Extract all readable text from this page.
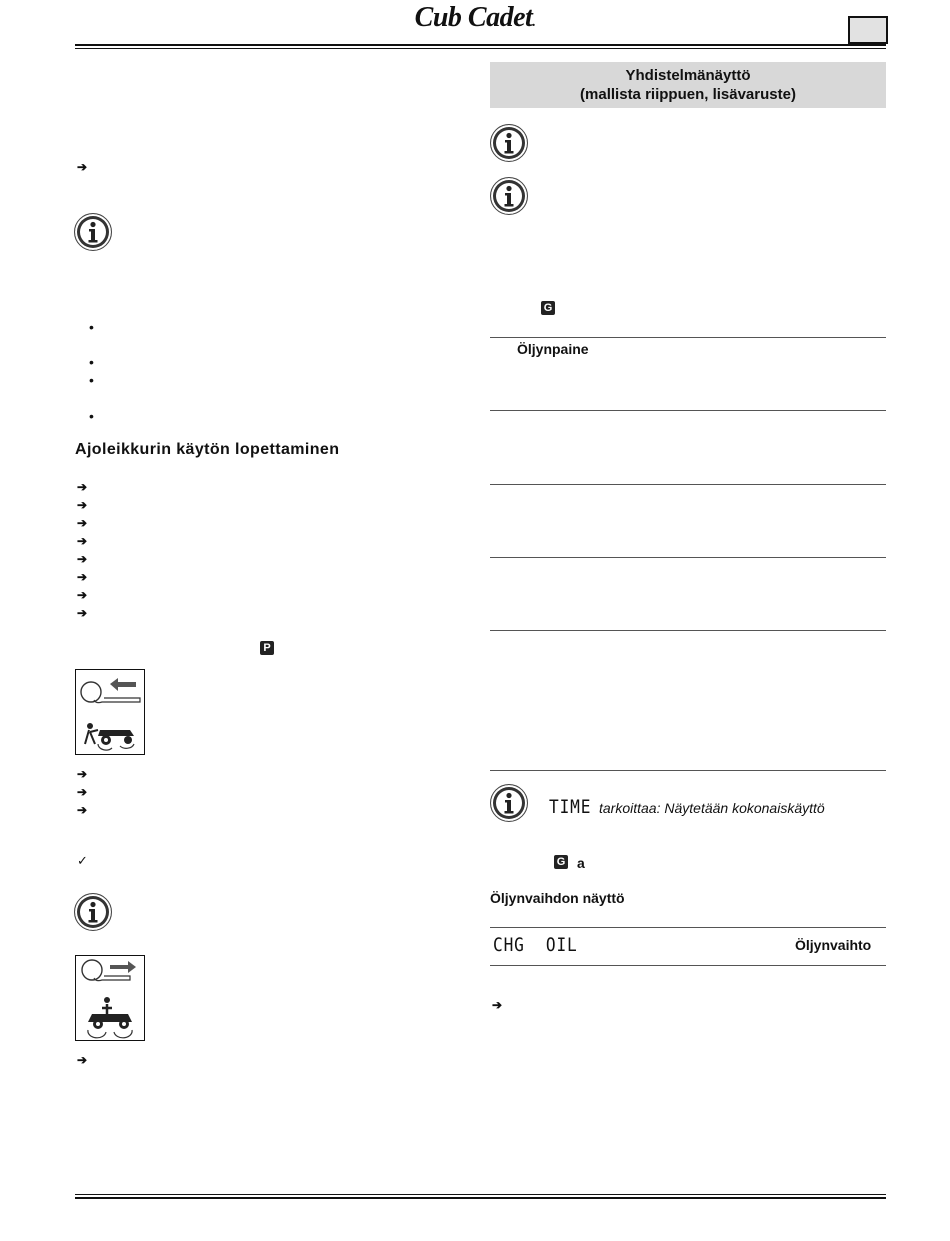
Cub Cadet.
➔
•
•
•
•
Ajoleikkurin käytön lopettaminen
➔
➔
➔
➔
➔
➔
➔
➔
P
➔
➔
➔
✓
➔
Yhdistelmänäyttö
(mallista riippuen, lisävaruste)
G
Öljynpaine
TIME tarkoittaa: Näytetään kokonaiskäyttö
G a
Öljynvaihdon näyttö
CHG  OIL	Öljynvaihto
➔
